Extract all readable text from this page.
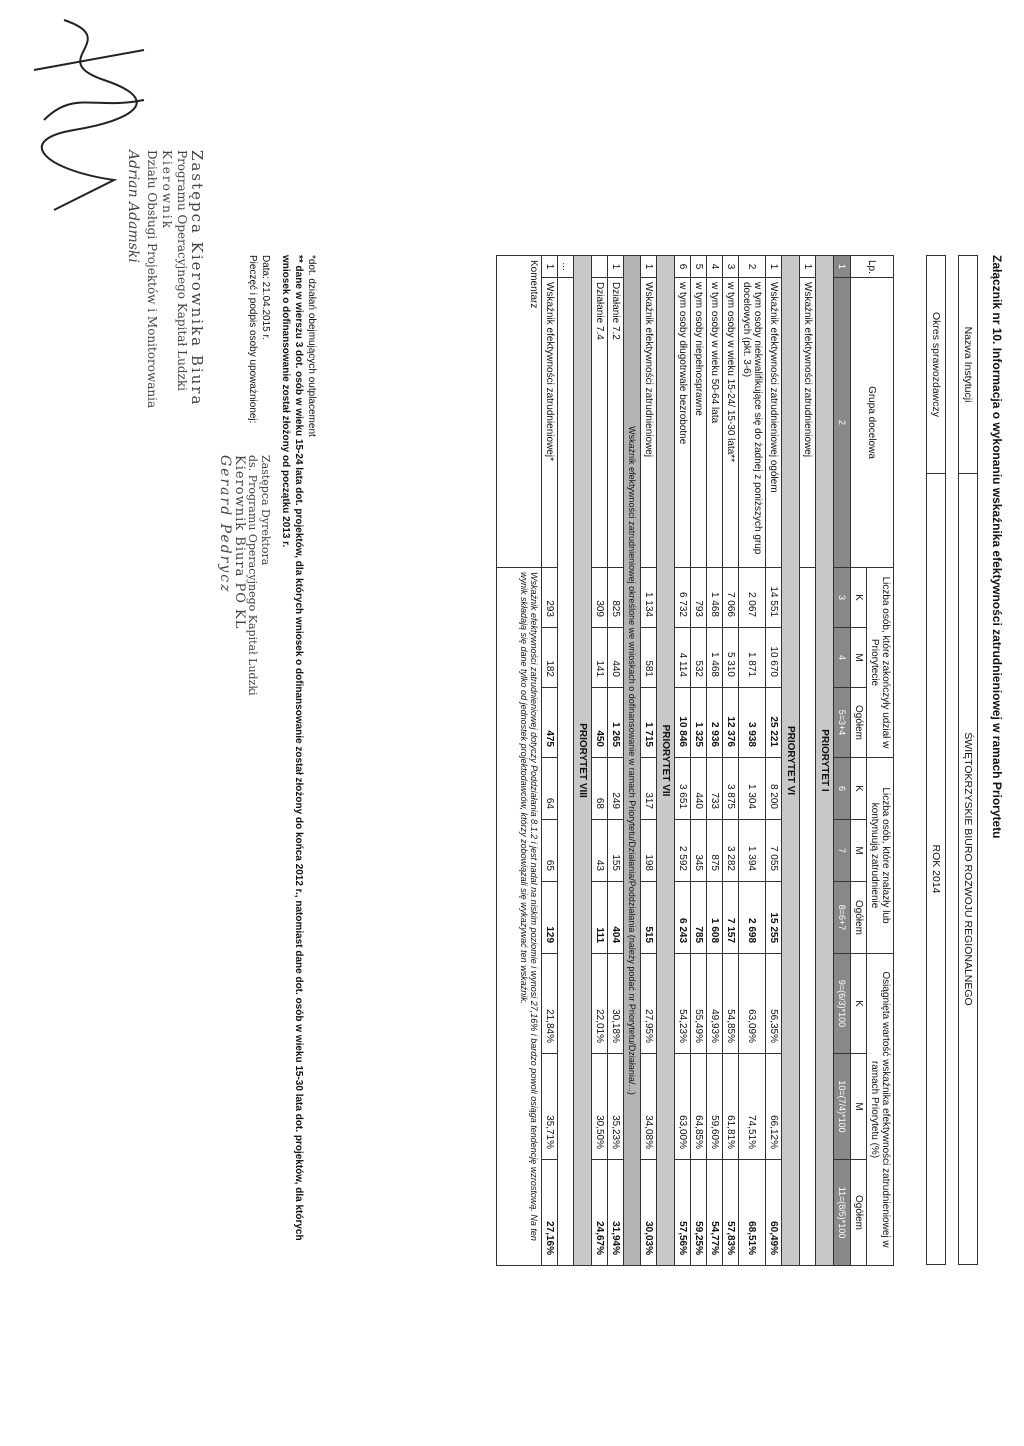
Załącznik nr 10. Informacja o wykonaniu wskaźnika efektywności zatrudnieniowej w ramach Priorytetu
Nazwa Instytucji	ŚWIĘTOKRZYSKIE BIURO ROZWOJU REGIONALNEGO
Okres sprawozdawczy	ROK 2014
Lp.	Grupa docelowa	Liczba osób, które zakończyły udział w Priorytecie			Liczba osób, które znalazły lub kontynuują zatrudnienie			Osiągnięta wartość wskaźnika efektywności zatrudnieniowej w ramach Priorytetu (%)		
		K	M	Ogółem	K	M	Ogółem	K	M	Ogółem
1	2	3	4	5=3+4	6	7	8=6+7	9=(6/3)*100	10=(7/4)*100	11=(8/5)*100
PRIORYTET I										
1	Wskaźnik efektywności zatrudnieniowej									
PRIORYTET VI										
1	Wskaźnik efektywności zatrudnieniowej ogółem	14 551	10 670	25 221	8 200	7 055	15 255	56,35%	66,12%	60,49%
2	w tym osoby niekwalifikujące się do żadnej z poniższych grup docelowych (pkt. 3-6)	2 067	1 871	3 938	1 304	1 394	2 698	63,09%	74,51%	68,51%
3	w tym osoby w wieku 15-24/ 15-30 lata**	7 066	5 310	12 376	3 875	3 282	7 157	54,85%	61,81%	57,83%
4	w tym osoby w wieku 50-64 lata	1 468	1 468	2 936	733	875	1 608	49,93%	59,60%	54,77%
5	w tym osoby niepełnosprawne	793	532	1 325	440	345	785	55,49%	64,85%	59,25%
6	w tym osoby długotrwale bezrobotne	6 732	4 114	10 846	3 651	2 592	6 243	54,23%	63,00%	57,56%
PRIORYTET VII										
1	Wskaźnik efektywności zatrudnieniowej	1 134	581	1 715	317	198	515	27,95%	34,08%	30,03%
Wskaźnik efektywności zatrudnieniowej określone we wnioskach o dofinansowanie w ramach Priorytetu/Działania/Poddziałania (należy podać nr Priorytetu/Działania/...)										
1	Działanie 7.2	825	440	1 265	249	155	404	30,18%	35,23%	31,94%
	Działanie 7.4	309	141	450	68	43	111	22,01%	30,50%	24,67%
PRIORYTET VIII										
...										
1	Wskaźnik efektywności zatrudnieniowej*	293	182	475	64	65	129	21,84%	35,71%	27,16%
Komentarz		Wskaźnik efektywności zatrudnieniowej dotyczy Poddziałania 8.1.2 i jest nadal na niskim poziomie i wynosi 27,16% i bardzo powoli osiąga tendencję wzrostową. Na ten wynik składają się dane tylko od jednostek projektodawców, którzy zobowiązali się wykazywać ten wskaźnik.								
*dot. działań obejmujących outplacement
** dane w wierszu 3 dot. osób w wieku 15-24 lata dot. projektów, dla których wniosek o dofinansowanie został złożony do końca 2012 r., natomiast dane dot. osób w wieku 15-30 lata dot. projektów, dla których wniosek o dofinansowanie został złożony od początku 2013 r.
Data: 21.04.2015 r.
Pieczęć i podpis osoby upoważnionej:
Zastępca Dyrektora
ds. Programu Operacyjnego Kapitał Ludzki
Kierownik Biura PO KL
Gerard Pedrycz
Zastępca Kierownika Biura
Programu Operacyjnego Kapitał Ludzki
Kierownik
Działu Obsługi Projektów i Monitorowania
Adrian Adamski
